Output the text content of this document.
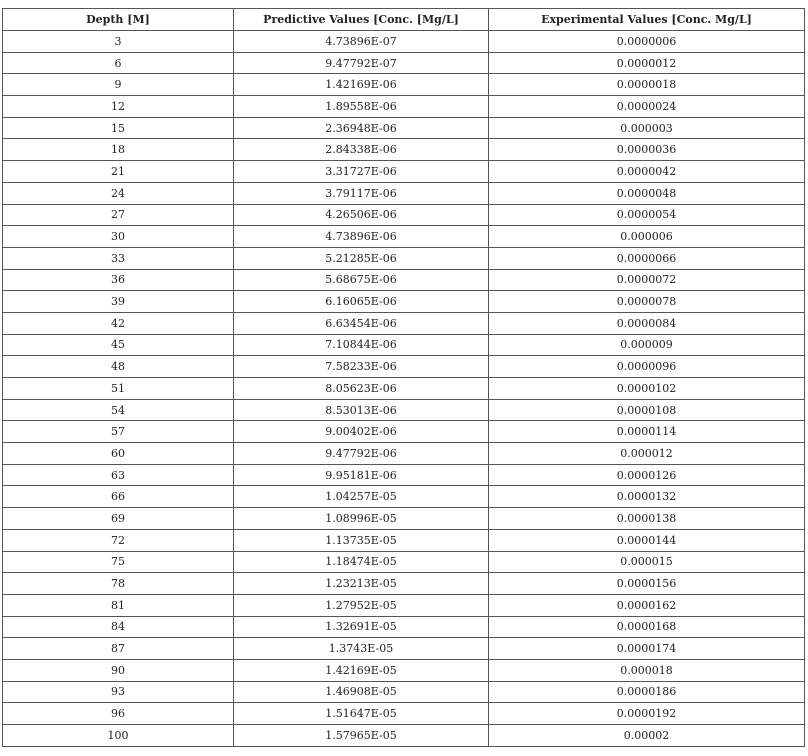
Depth [M]	Predictive Values [Conc. [Mg/L]	Experimental Values [Conc. Mg/L]
3	4.73896E-07	0.0000006
6	9.47792E-07	0.0000012
9	1.42169E-06	0.0000018
12	1.89558E-06	0.0000024
15	2.36948E-06	0.000003
18	2.84338E-06	0.0000036
21	3.31727E-06	0.0000042
24	3.79117E-06	0.0000048
27	4.26506E-06	0.0000054
30	4.73896E-06	0.000006
33	5.21285E-06	0.0000066
36	5.68675E-06	0.0000072
39	6.16065E-06	0.0000078
42	6.63454E-06	0.0000084
45	7.10844E-06	0.000009
48	7.58233E-06	0.0000096
51	8.05623E-06	0.0000102
54	8.53013E-06	0.0000108
57	9.00402E-06	0.0000114
60	9.47792E-06	0.000012
63	9.95181E-06	0.0000126
66	1.04257E-05	0.0000132
69	1.08996E-05	0.0000138
72	1.13735E-05	0.0000144
75	1.18474E-05	0.000015
78	1.23213E-05	0.0000156
81	1.27952E-05	0.0000162
84	1.32691E-05	0.0000168
87	1.3743E-05	0.0000174
90	1.42169E-05	0.000018
93	1.46908E-05	0.0000186
96	1.51647E-05	0.0000192
100	1.57965E-05	0.00002
